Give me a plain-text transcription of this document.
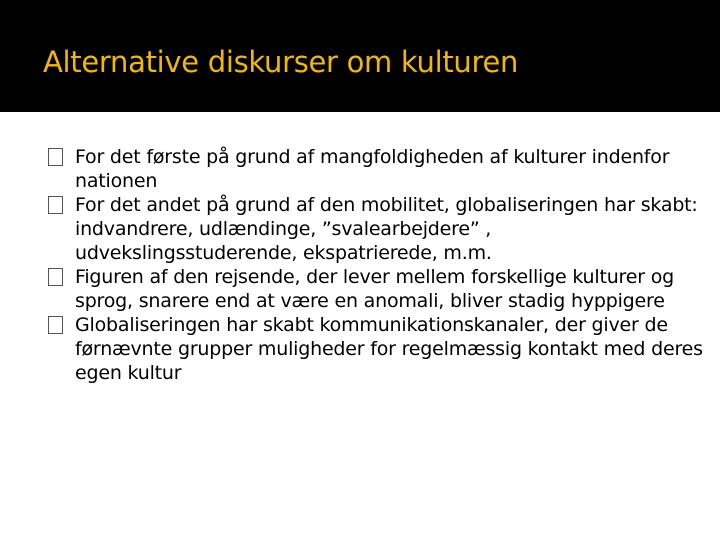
Alternative diskurser om kulturen
For det første på grund af mangfoldigheden af kulturer indenfor nationen
For det andet på grund af den mobilitet, globaliseringen har skabt: indvandrere, udlændinge, ”svalearbejdere” , udvekslingsstuderende, ekspatrierede, m.m.
Figuren af den rejsende, der lever mellem forskellige kulturer og sprog, snarere end at være en anomali, bliver stadig hyppigere
Globaliseringen har skabt kommunikationskanaler, der giver de førnævnte grupper muligheder for regelmæssig kontakt med deres egen kultur
